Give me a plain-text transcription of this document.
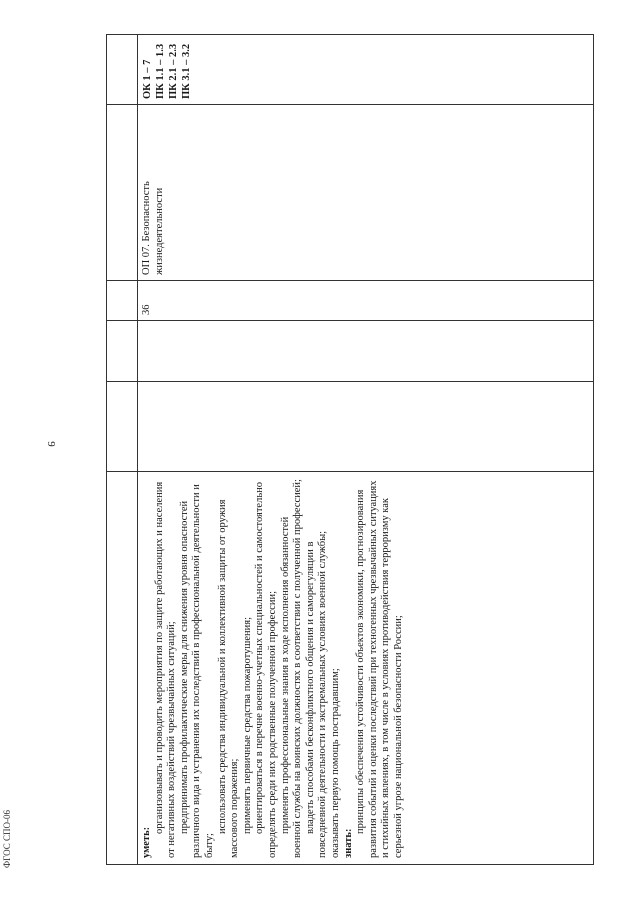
9
уметь:
организовывать и проводить мероприятия по защите работающих и населения от негативных воздействий чрезвычайных ситуаций; предпринимать профилактические меры для снижения уровня опасностей различного вида и устранения их последствий в профессиональной деятельности и быту;
использовать средства индивидуальной и коллективной защиты от оружия массового поражения; применять первичные средства пожаротушения; ориентироваться в перечне военно-учетных специальностей и самостоятельно определять среди них родственные полученной профессии; применять профессиональные знания в ходе исполнения обязанностей военной службы на воинских должностях в соответствии с полученной профессией; владеть способами бесконфликтного общения и саморегуляции в повседневной деятельности и экстремальных условиях военной службы; оказывать первую помощь пострадавшим; знать:
принципы обеспечения устойчивости объектов экономики, прогнозирования развития событий и оценки последствий при техногенных чрезвычайных ситуациях и стихийных явлениях, в том числе в условиях противодействия терроризму как серьезной угрозе национальной безопасности России;
36
ОП 07. Безопасность жизнедеятельности
ОК 1 – 7 ПК 1.1 – 1.3 ПК 2.1 – 2.3 ПК 3.1 – 3.2
ФГОС СПО-06
